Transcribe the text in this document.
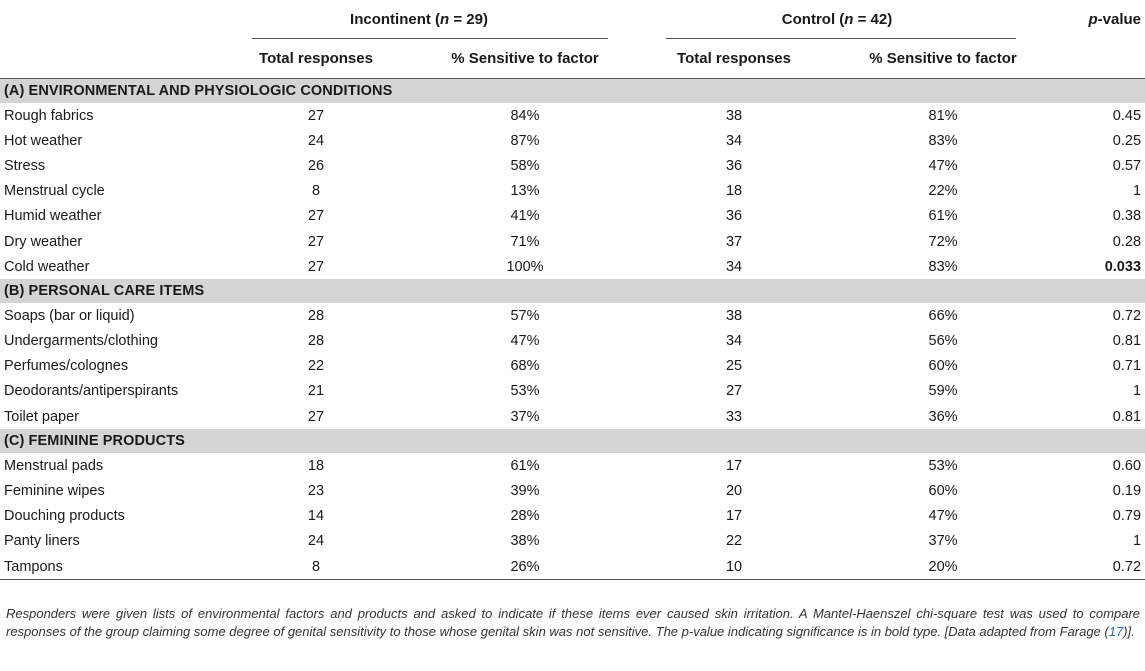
	Incontinent (n = 29)		Control (n = 42)		p-value
	Total responses	% Sensitive to factor	Total responses	% Sensitive to factor	
(A) ENVIRONMENTAL AND PHYSIOLOGIC CONDITIONS					
Rough fabrics	27	84%	38	81%	0.45
Hot weather	24	87%	34	83%	0.25
Stress	26	58%	36	47%	0.57
Menstrual cycle	8	13%	18	22%	1
Humid weather	27	41%	36	61%	0.38
Dry weather	27	71%	37	72%	0.28
Cold weather	27	100%	34	83%	0.033
(B) PERSONAL CARE ITEMS					
Soaps (bar or liquid)	28	57%	38	66%	0.72
Undergarments/clothing	28	47%	34	56%	0.81
Perfumes/colognes	22	68%	25	60%	0.71
Deodorants/antiperspirants	21	53%	27	59%	1
Toilet paper	27	37%	33	36%	0.81
(C) FEMININE PRODUCTS					
Menstrual pads	18	61%	17	53%	0.60
Feminine wipes	23	39%	20	60%	0.19
Douching products	14	28%	17	47%	0.79
Panty liners	24	38%	22	37%	1
Tampons	8	26%	10	20%	0.72
Responders were given lists of environmental factors and products and asked to indicate if these items ever caused skin irritation. A Mantel-Haenszel chi-square test was used to compare responses of the group claiming some degree of genital sensitivity to those whose genital skin was not sensitive. The p-value indicating significance is in bold type. [Data adapted from Farage (17)].
